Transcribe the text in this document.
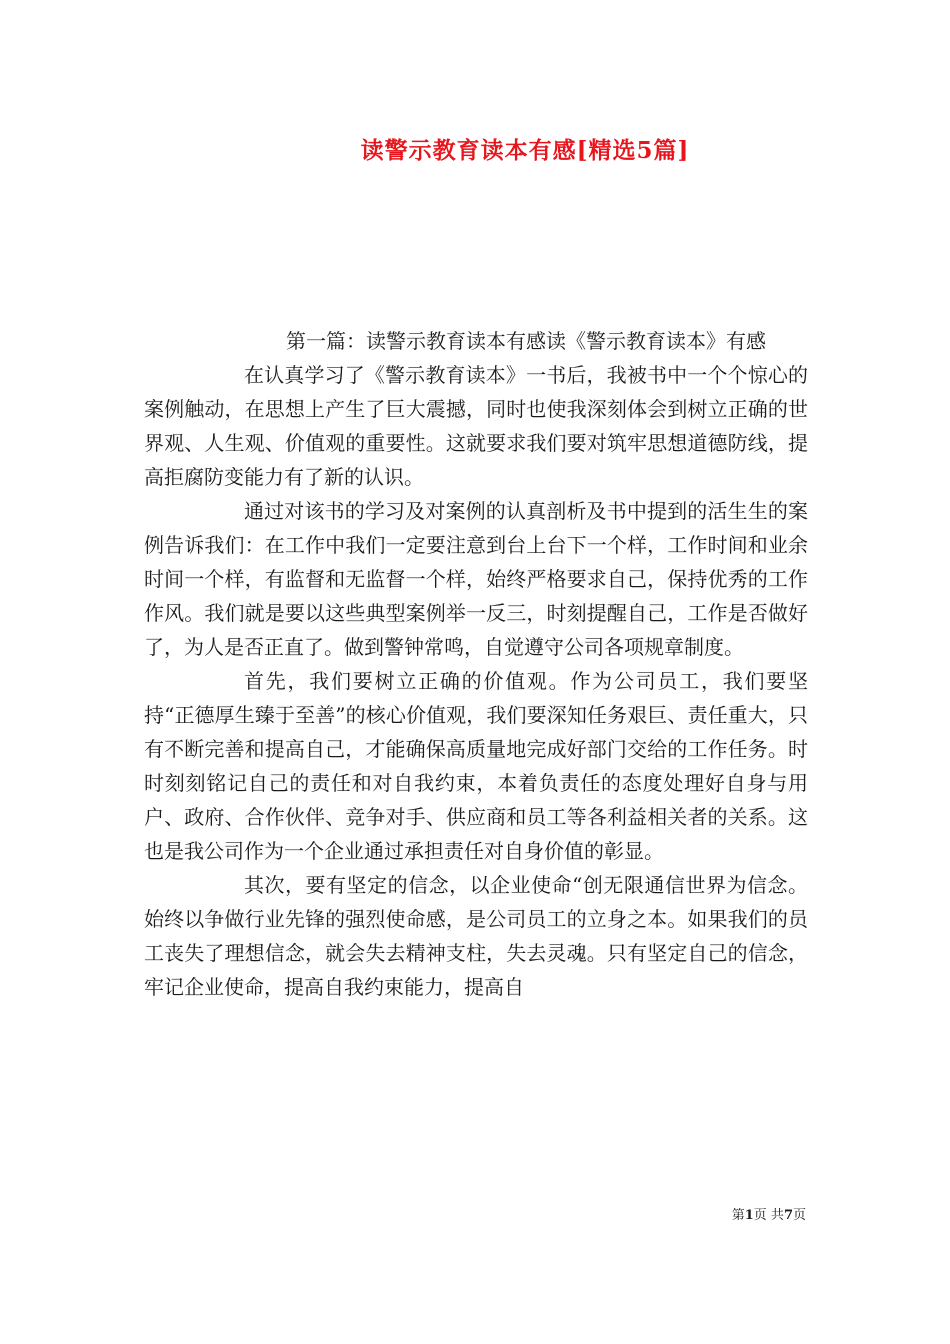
读警示教育读本有感[精选5篇]

第一篇：读警示教育读本有感读《警示教育读本》有感

在认真学习了《警示教育读本》一书后，我被书中一个个惊心的案例触动，在思想上产生了巨大震撼，同时也使我深刻体会到树立正确的世界观、人生观、价值观的重要性。这就要求我们要对筑牢思想道德防线，提高拒腐防变能力有了新的认识。

通过对该书的学习及对案例的认真剖析及书中提到的活生生的案例告诉我们：在工作中我们一定要注意到台上台下一个样，工作时间和业余时间一个样，有监督和无监督一个样，始终严格要求自己，保持优秀的工作作风。我们就是要以这些典型案例举一反三，时刻提醒自己，工作是否做好了，为人是否正直了。做到警钟常鸣，自觉遵守公司各项规章制度。

首先，我们要树立正确的价值观。作为公司员工，我们要坚持“正德厚生臻于至善”的核心价值观，我们要深知任务艰巨、责任重大，只有不断完善和提高自己，才能确保高质量地完成好部门交给的工作任务。时时刻刻铭记自己的责任和对自我约束，本着负责任的态度处理好自身与用户、政府、合作伙伴、竞争对手、供应商和员工等各利益相关者的关系。这也是我公司作为一个企业通过承担责任对自身价值的彰显。

其次，要有坚定的信念，以企业使命“创无限通信世界为信念。始终以争做行业先锋的强烈使命感，是公司员工的立身之本。如果我们的员工丧失了理想信念，就会失去精神支柱，失去灵魂。只有坚定自己的信念，牢记企业使命，提高自我约束能力，提高自

第1页 共7页
